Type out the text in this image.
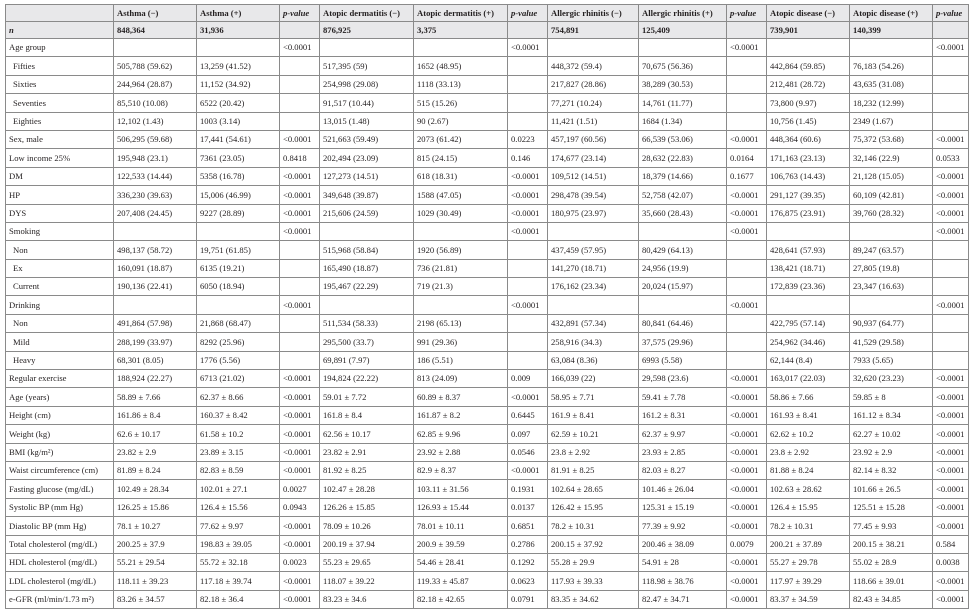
	Asthma (−)	Asthma (+)	p-value	Atopic dermatitis (−)	Atopic dermatitis (+)	p-value	Allergic rhinitis (−)	Allergic rhinitis (+)	p-value	Atopic disease (−)	Atopic disease (+)	p-value
n	848,364	31,936		876,925	3,375		754,891	125,409		739,901	140,399	
Age group			<0.0001			<0.0001			<0.0001			<0.0001
Fifties	505,788 (59.62)	13,259 (41.52)		517,395 (59)	1652 (48.95)		448,372 (59.4)	70,675 (56.36)		442,864 (59.85)	76,183 (54.26)	
Sixties	244,964 (28.87)	11,152 (34.92)		254,998 (29.08)	1118 (33.13)		217,827 (28.86)	38,289 (30.53)		212,481 (28.72)	43,635 (31.08)	
Seventies	85,510 (10.08)	6522 (20.42)		91,517 (10.44)	515 (15.26)		77,271 (10.24)	14,761 (11.77)		73,800 (9.97)	18,232 (12.99)	
Eighties	12,102 (1.43)	1003 (3.14)		13,015 (1.48)	90 (2.67)		11,421 (1.51)	1684 (1.34)		10,756 (1.45)	2349 (1.67)	
Sex, male	506,295 (59.68)	17,441 (54.61)	<0.0001	521,663 (59.49)	2073 (61.42)	0.0223	457,197 (60.56)	66,539 (53.06)	<0.0001	448,364 (60.6)	75,372 (53.68)	<0.0001
Low income 25%	195,948 (23.1)	7361 (23.05)	0.8418	202,494 (23.09)	815 (24.15)	0.146	174,677 (23.14)	28,632 (22.83)	0.0164	171,163 (23.13)	32,146 (22.9)	0.0533
DM	122,533 (14.44)	5358 (16.78)	<0.0001	127,273 (14.51)	618 (18.31)	<0.0001	109,512 (14.51)	18,379 (14.66)	0.1677	106,763 (14.43)	21,128 (15.05)	<0.0001
HP	336,230 (39.63)	15,006 (46.99)	<0.0001	349,648 (39.87)	1588 (47.05)	<0.0001	298,478 (39.54)	52,758 (42.07)	<0.0001	291,127 (39.35)	60,109 (42.81)	<0.0001
DYS	207,408 (24.45)	9227 (28.89)	<0.0001	215,606 (24.59)	1029 (30.49)	<0.0001	180,975 (23.97)	35,660 (28.43)	<0.0001	176,875 (23.91)	39,760 (28.32)	<0.0001
Smoking			<0.0001			<0.0001			<0.0001			<0.0001
Non	498,137 (58.72)	19,751 (61.85)		515,968 (58.84)	1920 (56.89)		437,459 (57.95)	80,429 (64.13)		428,641 (57.93)	89,247 (63.57)	
Ex	160,091 (18.87)	6135 (19.21)		165,490 (18.87)	736 (21.81)		141,270 (18.71)	24,956 (19.9)		138,421 (18.71)	27,805 (19.8)	
Current	190,136 (22.41)	6050 (18.94)		195,467 (22.29)	719 (21.3)		176,162 (23.34)	20,024 (15.97)		172,839 (23.36)	23,347 (16.63)	
Drinking			<0.0001			<0.0001			<0.0001			<0.0001
Non	491,864 (57.98)	21,868 (68.47)		511,534 (58.33)	2198 (65.13)		432,891 (57.34)	80,841 (64.46)		422,795 (57.14)	90,937 (64.77)	
Mild	288,199 (33.97)	8292 (25.96)		295,500 (33.7)	991 (29.36)		258,916 (34.3)	37,575 (29.96)		254,962 (34.46)	41,529 (29.58)	
Heavy	68,301 (8.05)	1776 (5.56)		69,891 (7.97)	186 (5.51)		63,084 (8.36)	6993 (5.58)		62,144 (8.4)	7933 (5.65)	
Regular exercise	188,924 (22.27)	6713 (21.02)	<0.0001	194,824 (22.22)	813 (24.09)	0.009	166,039 (22)	29,598 (23.6)	<0.0001	163,017 (22.03)	32,620 (23.23)	<0.0001
Age (years)	58.89 ± 7.66	62.37 ± 8.66	<0.0001	59.01 ± 7.72	60.89 ± 8.37	<0.0001	58.95 ± 7.71	59.41 ± 7.78	<0.0001	58.86 ± 7.66	59.85 ± 8	<0.0001
Height (cm)	161.86 ± 8.4	160.37 ± 8.42	<0.0001	161.8 ± 8.4	161.87 ± 8.2	0.6445	161.9 ± 8.41	161.2 ± 8.31	<0.0001	161.93 ± 8.41	161.12 ± 8.34	<0.0001
Weight (kg)	62.6 ± 10.17	61.58 ± 10.2	<0.0001	62.56 ± 10.17	62.85 ± 9.96	0.097	62.59 ± 10.21	62.37 ± 9.97	<0.0001	62.62 ± 10.2	62.27 ± 10.02	<0.0001
BMI (kg/m²)	23.82 ± 2.9	23.89 ± 3.15	<0.0001	23.82 ± 2.91	23.92 ± 2.88	0.0546	23.8 ± 2.92	23.93 ± 2.85	<0.0001	23.8 ± 2.92	23.92 ± 2.9	<0.0001
Waist circumference (cm)	81.89 ± 8.24	82.83 ± 8.59	<0.0001	81.92 ± 8.25	82.9 ± 8.37	<0.0001	81.91 ± 8.25	82.03 ± 8.27	<0.0001	81.88 ± 8.24	82.14 ± 8.32	<0.0001
Fasting glucose (mg/dL)	102.49 ± 28.34	102.01 ± 27.1	0.0027	102.47 ± 28.28	103.11 ± 31.56	0.1931	102.64 ± 28.65	101.46 ± 26.04	<0.0001	102.63 ± 28.62	101.66 ± 26.5	<0.0001
Systolic BP (mm Hg)	126.25 ± 15.86	126.4 ± 15.56	0.0943	126.26 ± 15.85	126.93 ± 15.44	0.0137	126.42 ± 15.95	125.31 ± 15.19	<0.0001	126.4 ± 15.95	125.51 ± 15.28	<0.0001
Diastolic BP (mm Hg)	78.1 ± 10.27	77.62 ± 9.97	<0.0001	78.09 ± 10.26	78.01 ± 10.11	0.6851	78.2 ± 10.31	77.39 ± 9.92	<0.0001	78.2 ± 10.31	77.45 ± 9.93	<0.0001
Total cholesterol (mg/dL)	200.25 ± 37.9	198.83 ± 39.05	<0.0001	200.19 ± 37.94	200.9 ± 39.59	0.2786	200.15 ± 37.92	200.46 ± 38.09	0.0079	200.21 ± 37.89	200.15 ± 38.21	0.584
HDL cholesterol (mg/dL)	55.21 ± 29.54	55.72 ± 32.18	0.0023	55.23 ± 29.65	54.46 ± 28.41	0.1292	55.28 ± 29.9	54.91 ± 28	<0.0001	55.27 ± 29.78	55.02 ± 28.9	0.0038
LDL cholesterol (mg/dL)	118.11 ± 39.23	117.18 ± 39.74	<0.0001	118.07 ± 39.22	119.33 ± 45.87	0.0623	117.93 ± 39.33	118.98 ± 38.76	<0.0001	117.97 ± 39.29	118.66 ± 39.01	<0.0001
e-GFR (ml/min/1.73 m²)	83.26 ± 34.57	82.18 ± 36.4	<0.0001	83.23 ± 34.6	82.18 ± 42.65	0.0791	83.35 ± 34.62	82.47 ± 34.71	<0.0001	83.37 ± 34.59	82.43 ± 34.85	<0.0001
